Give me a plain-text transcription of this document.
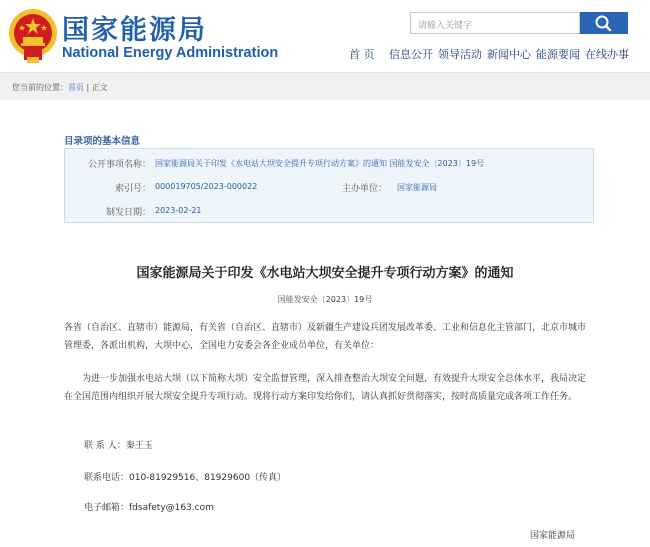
国家能源局
National Energy Administration
请输入关键字
首 页 信息公开 领导活动 新闻中心 能源要闻 在线办事
您当前的位置：首页 | 正文
目录项的基本信息
公开事项名称： 国家能源局关于印发《水电站大坝安全提升专项行动方案》的通知 国能发安全〔2023〕19号
索引号： 000019705/2023-000022	主办单位： 国家能源局
制发日期： 2023-02-21
国家能源局关于印发《水电站大坝安全提升专项行动方案》的通知
国能发安全〔2023〕19号
各省（自治区、直辖市）能源局，有关省（自治区、直辖市）及新疆生产建设兵团发展改革委、工业和信息化主管部门，北京市城市管理委，各派出机构，大坝中心，全国电力安委会各企业成员单位，有关单位：
为进一步加强水电站大坝（以下简称大坝）安全监督管理，深入排查整治大坝安全问题，有效提升大坝安全总体水平，我局决定在全国范围内组织开展大坝安全提升专项行动。现将行动方案印发给你们，请认真抓好贯彻落实，按时高质量完成各项工作任务。
联 系 人：秦王玉
联系电话：010-81929516、81929600（传真）
电子邮箱：fdsafety@163.com
国家能源局
